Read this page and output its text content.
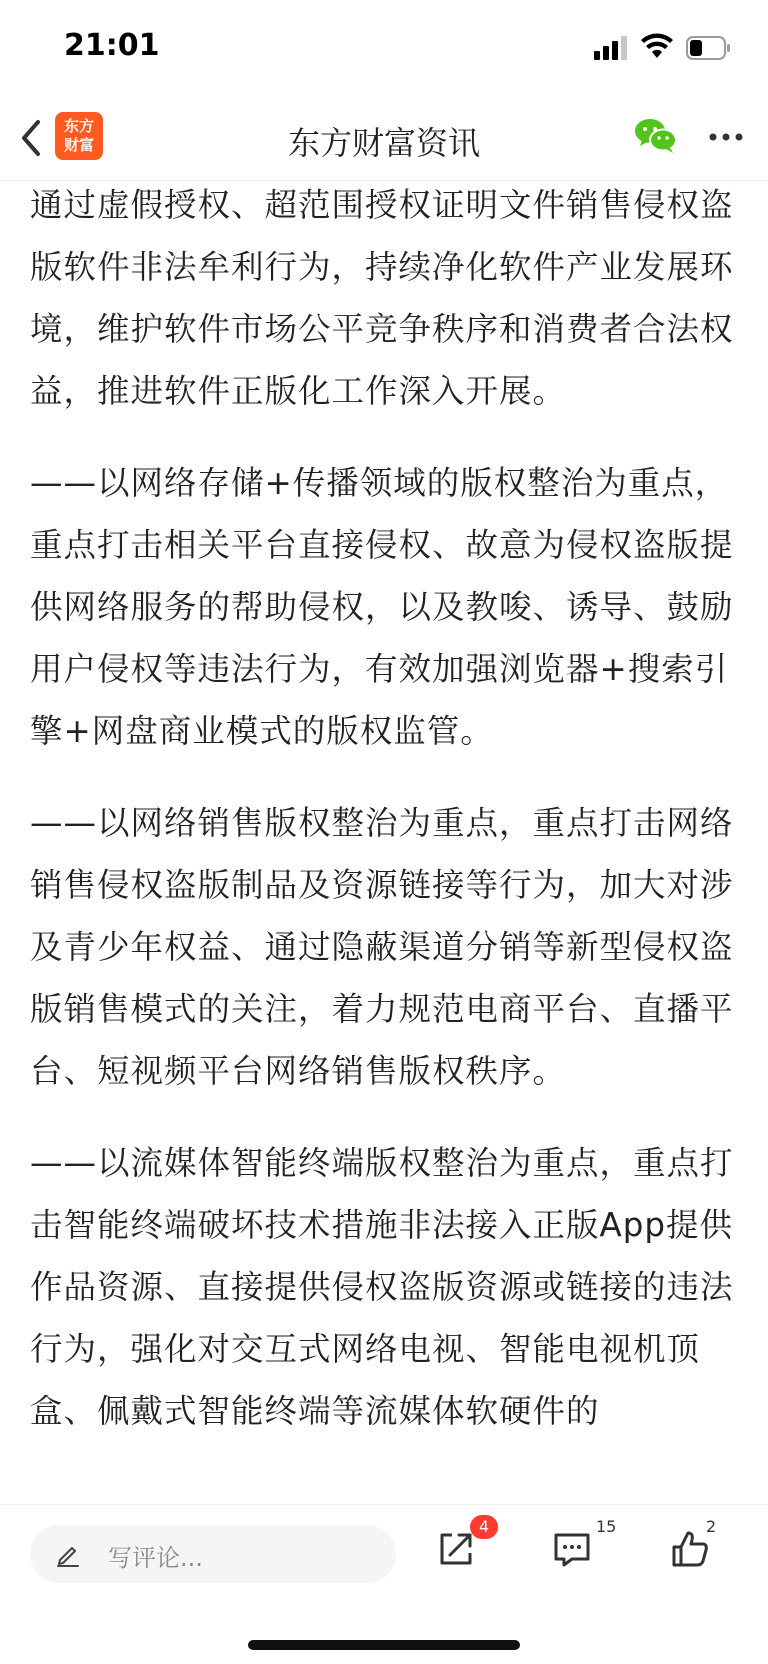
21:01
东方
财富	东方财富资讯

通过虚假授权、超范围授权证明文件销售侵权盗版软件非法牟利行为，持续净化软件产业发展环境，维护软件市场公平竞争秩序和消费者合法权益，推进软件正版化工作深入开展。

——以网络存储+传播领域的版权整治为重点，重点打击相关平台直接侵权、故意为侵权盗版提供网络服务的帮助侵权，以及教唆、诱导、鼓励用户侵权等违法行为，有效加强浏览器+搜索引擎+网盘商业模式的版权监管。

——以网络销售版权整治为重点，重点打击网络销售侵权盗版制品及资源链接等行为，加大对涉及青少年权益、通过隐蔽渠道分销等新型侵权盗版销售模式的关注，着力规范电商平台、直播平台、短视频平台网络销售版权秩序。

——以流媒体智能终端版权整治为重点，重点打击智能终端破坏技术措施非法接入正版App提供作品资源、直接提供侵权盗版资源或链接的违法行为，强化对交互式网络电视、智能电视机顶盒、佩戴式智能终端等流媒体软硬件的

写评论...
4	15	2
